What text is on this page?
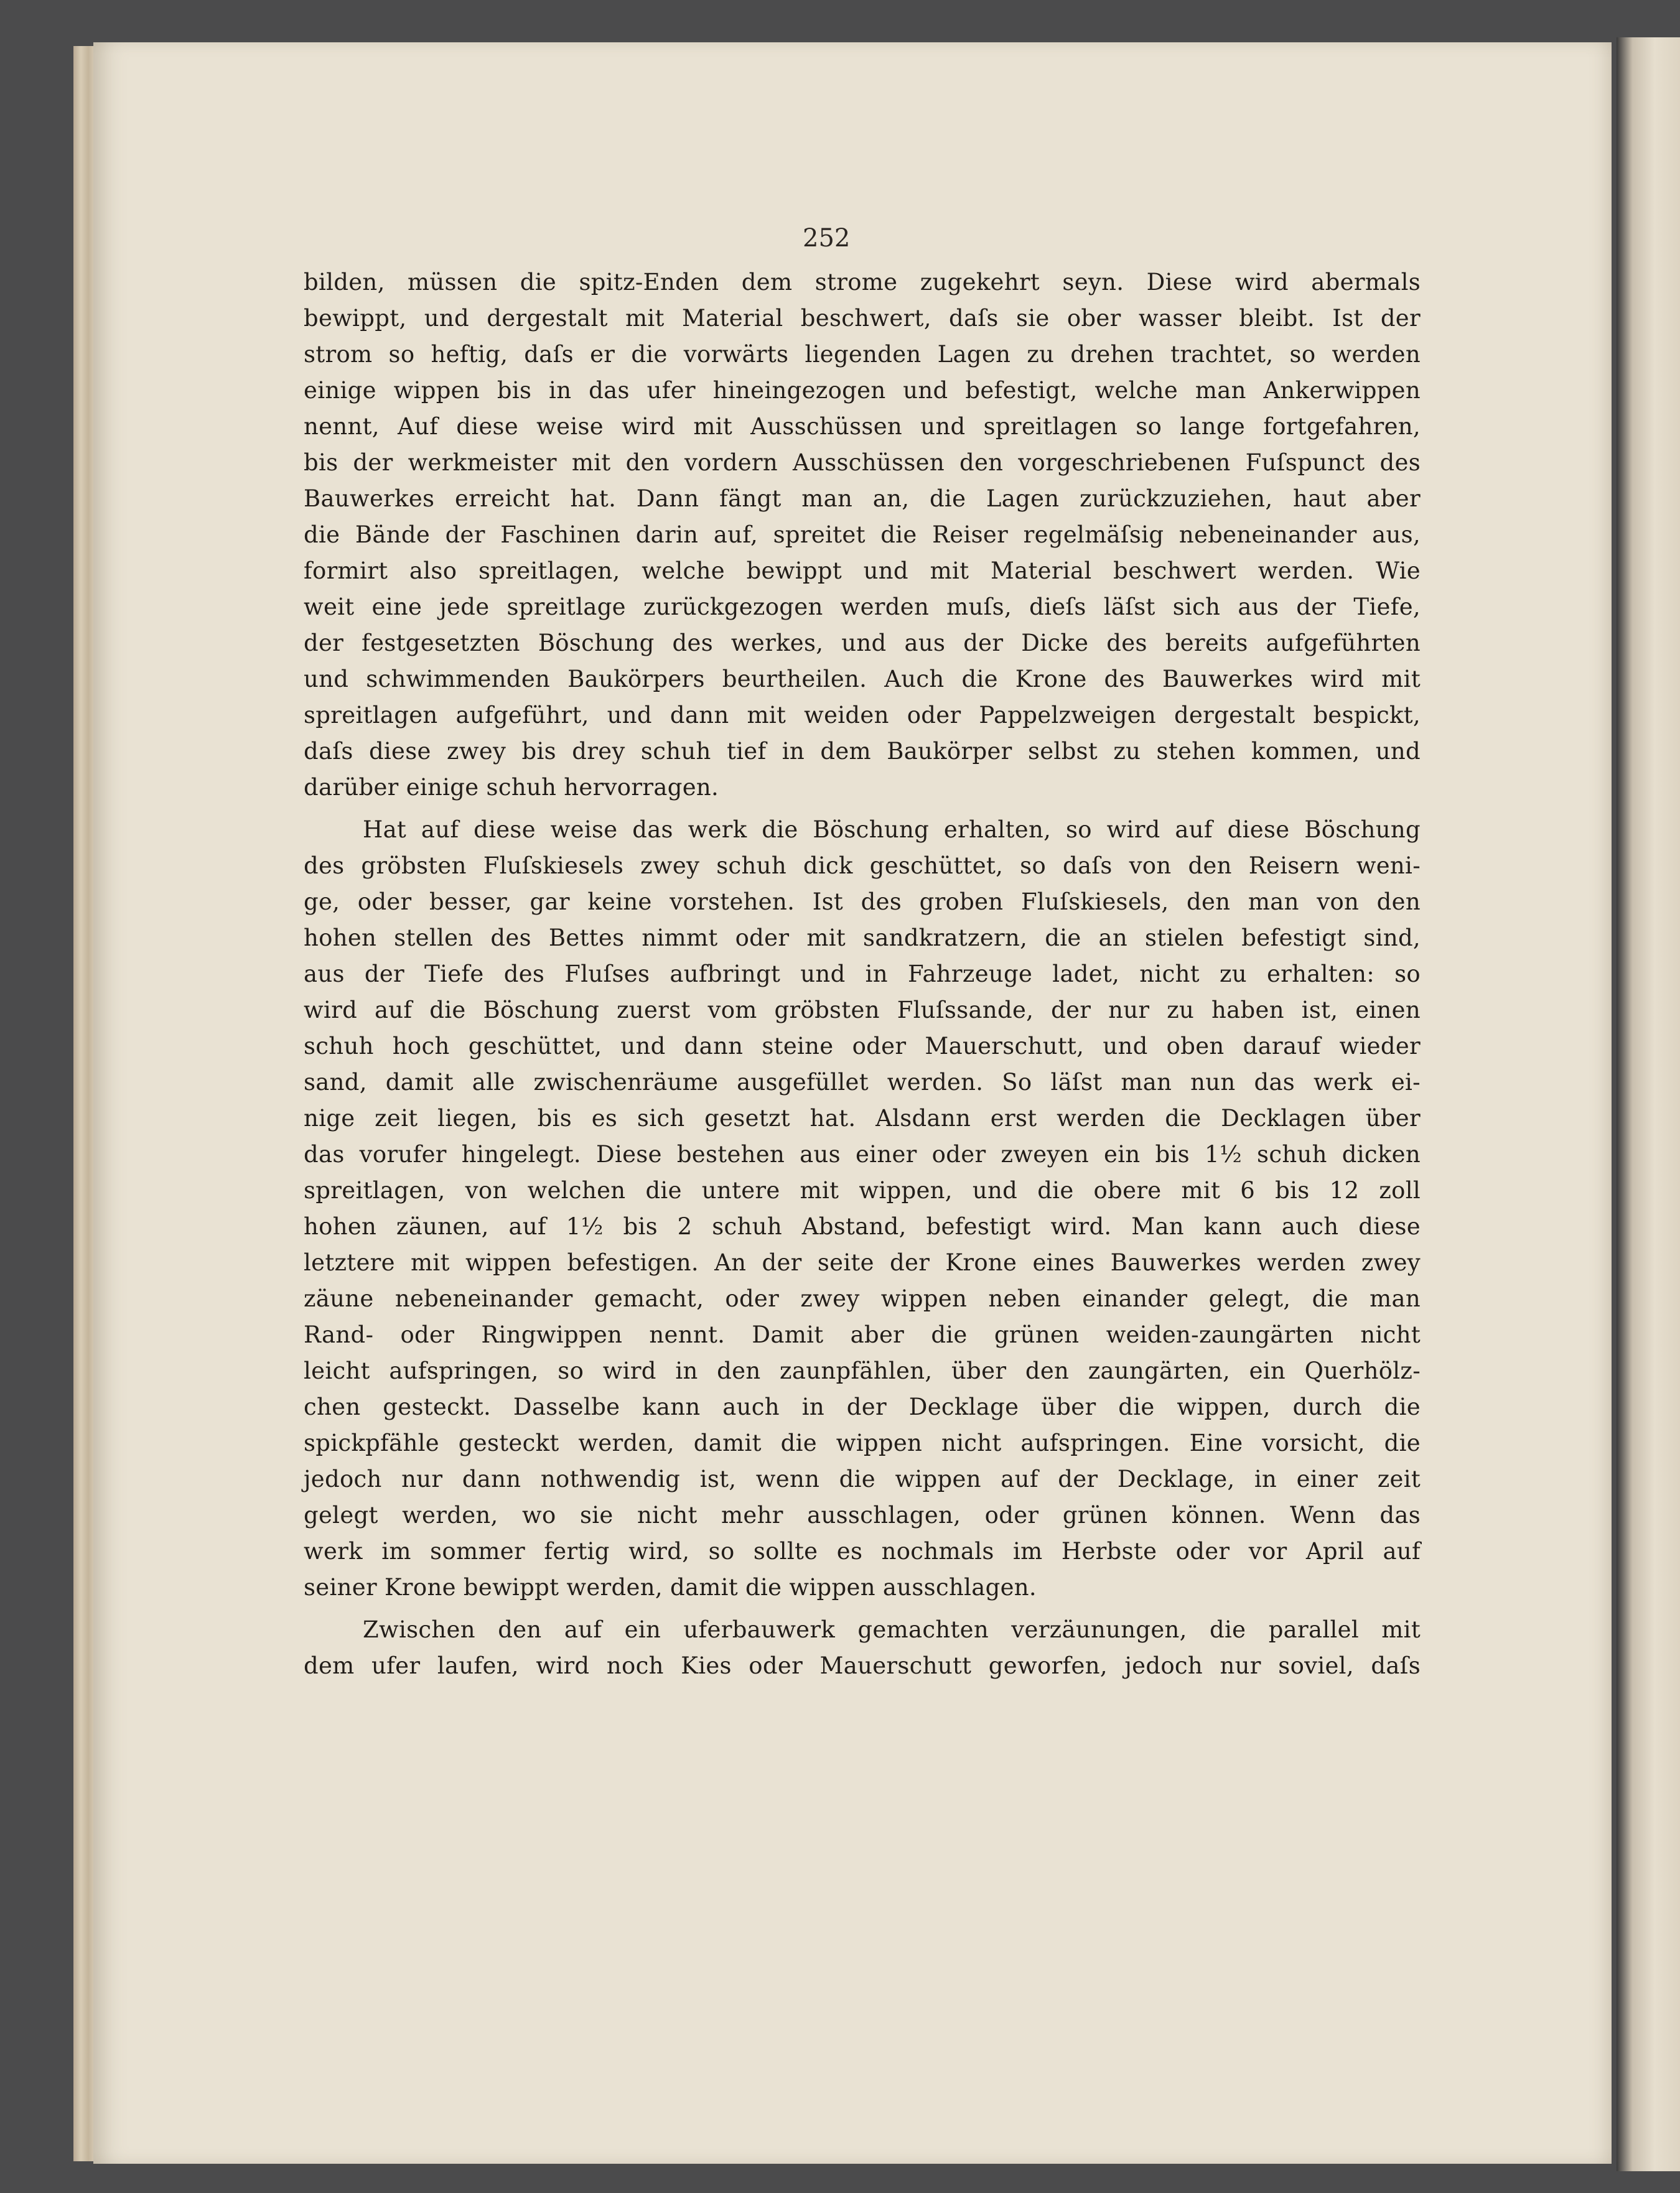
252
bilden, müssen die spitz-Enden dem strome zugekehrt seyn. Diese wird abermals
bewippt, und dergestalt mit Material beschwert, daſs sie ober wasser bleibt. Ist der
strom so heftig, daſs er die vorwärts liegenden Lagen zu drehen trachtet, so werden
einige wippen bis in das ufer hineingezogen und befestigt, welche man Ankerwippen
nennt, Auf diese weise wird mit Ausschüssen und spreitlagen so lange fortgefahren,
bis der werkmeister mit den vordern Ausschüssen den vorgeschriebenen Fuſspunct des
Bauwerkes erreicht hat. Dann fängt man an, die Lagen zurückzuziehen, haut aber
die Bände der Faschinen darin auf, spreitet die Reiser regelmäſsig nebeneinander aus,
formirt also spreitlagen, welche bewippt und mit Material beschwert werden. Wie
weit eine jede spreitlage zurückgezogen werden muſs, dieſs läſst sich aus der Tiefe,
der festgesetzten Böschung des werkes, und aus der Dicke des bereits aufgeführten
und schwimmenden Baukörpers beurtheilen. Auch die Krone des Bauwerkes wird mit
spreitlagen aufgeführt, und dann mit weiden oder Pappelzweigen dergestalt bespickt,
daſs diese zwey bis drey schuh tief in dem Baukörper selbst zu stehen kommen, und
darüber einige schuh hervorragen.
Hat auf diese weise das werk die Böschung erhalten, so wird auf diese Böschung
des gröbsten Fluſskiesels zwey schuh dick geschüttet, so daſs von den Reisern weni-
ge, oder besser, gar keine vorstehen. Ist des groben Fluſskiesels, den man von den
hohen stellen des Bettes nimmt oder mit sandkratzern, die an stielen befestigt sind,
aus der Tiefe des Fluſses aufbringt und in Fahrzeuge ladet, nicht zu erhalten: so
wird auf die Böschung zuerst vom gröbsten Fluſssande, der nur zu haben ist, einen
schuh hoch geschüttet, und dann steine oder Mauerschutt, und oben darauf wieder
sand, damit alle zwischenräume ausgefüllet werden. So läſst man nun das werk ei-
nige zeit liegen, bis es sich gesetzt hat. Alsdann erst werden die Decklagen über
das vorufer hingelegt. Diese bestehen aus einer oder zweyen ein bis 1½ schuh dicken
spreitlagen, von welchen die untere mit wippen, und die obere mit 6 bis 12 zoll
hohen zäunen, auf 1½ bis 2 schuh Abstand, befestigt wird. Man kann auch diese
letztere mit wippen befestigen. An der seite der Krone eines Bauwerkes werden zwey
zäune nebeneinander gemacht, oder zwey wippen neben einander gelegt, die man
Rand- oder Ringwippen nennt. Damit aber die grünen weiden-zaungärten nicht
leicht aufspringen, so wird in den zaunpfählen, über den zaungärten, ein Querhölz-
chen gesteckt. Dasselbe kann auch in der Decklage über die wippen, durch die
spickpfähle gesteckt werden, damit die wippen nicht aufspringen. Eine vorsicht, die
jedoch nur dann nothwendig ist, wenn die wippen auf der Decklage, in einer zeit
gelegt werden, wo sie nicht mehr ausschlagen, oder grünen können. Wenn das
werk im sommer fertig wird, so sollte es nochmals im Herbste oder vor April auf
seiner Krone bewippt werden, damit die wippen ausschlagen.
Zwischen den auf ein uferbauwerk gemachten verzäunungen, die parallel mit
dem ufer laufen, wird noch Kies oder Mauerschutt geworfen, jedoch nur soviel, daſs
